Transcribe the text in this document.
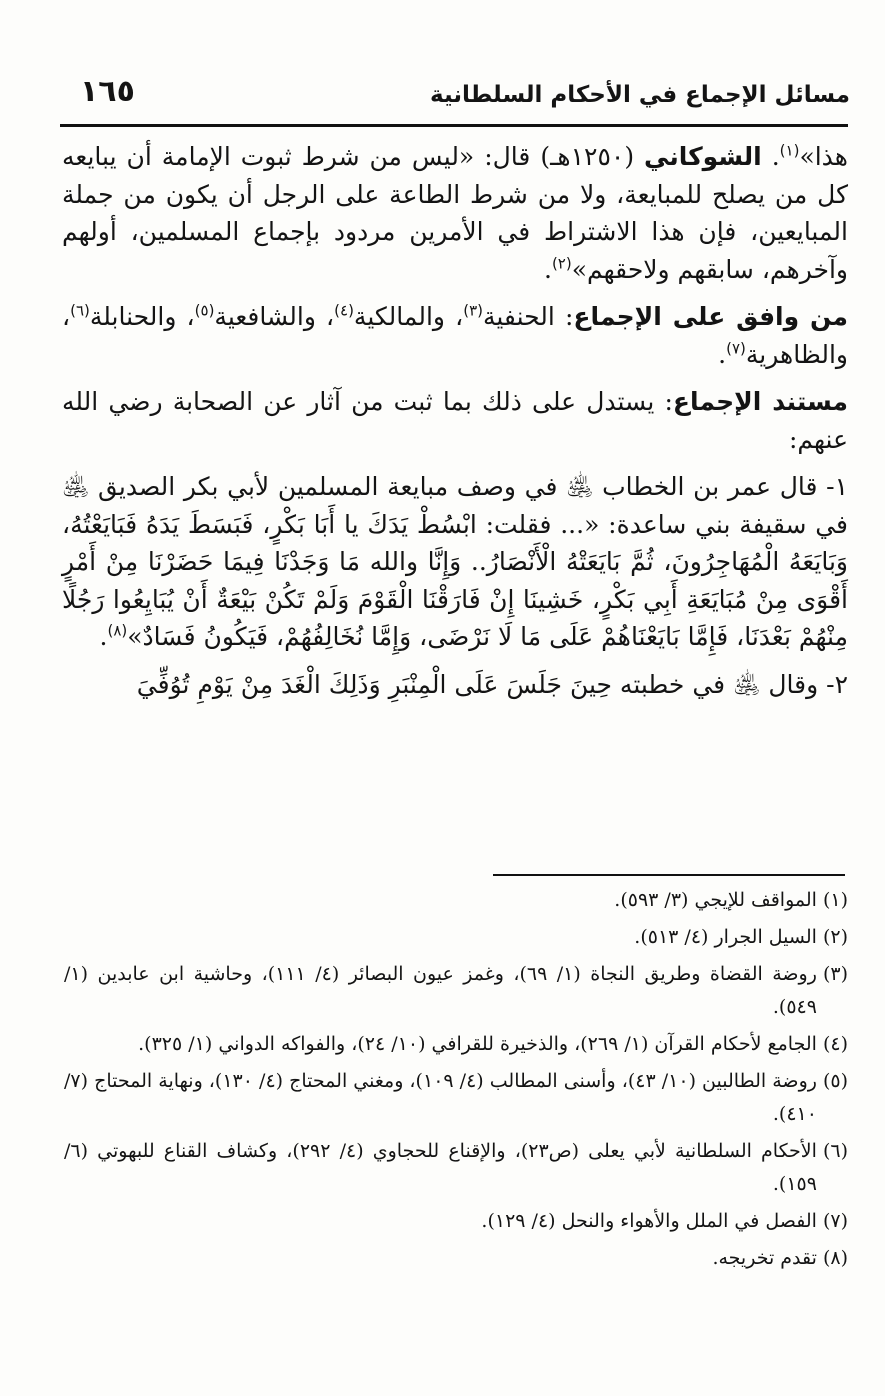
١٦٥	مسائل الإجماع في الأحكام السلطانية

هذا»$^{(١)}$. الشوكاني (١٢٥٠هـ) قال: «ليس من شرط ثبوت الإمامة أن يبايعه كل من يصلح للمبايعة، ولا من شرط الطاعة على الرجل أن يكون من جملة المبايعين، فإن هذا الاشتراط في الأمرين مردود بإجماع المسلمين، أولهم وآخرهم، سابقهم ولاحقهم»$^{(٢)}$.

من وافق على الإجماع: الحنفية$^{(٣)}$، والمالكية$^{(٤)}$، والشافعية$^{(٥)}$، والحنابلة$^{(٦)}$، والظاهرية$^{(٧)}$.

مستند الإجماع: يستدل على ذلك بما ثبت من آثار عن الصحابة رضي الله عنهم:

١- قال عمر بن الخطاب ﵁ في وصف مبايعة المسلمين لأبي بكر الصديق ﵁ في سقيفة بني ساعدة: «... فقلت: ابْسُطْ يَدَكَ يا أَبَا بَكْرٍ، فَبَسَطَ يَدَهُ فَبَايَعْتُهُ، وَبَايَعَهُ الْمُهَاجِرُونَ، ثُمَّ بَايَعَتْهُ الْأَنْصَارُ.. وَإِنَّا والله مَا وَجَدْنَا فِيمَا حَضَرْنَا مِنْ أَمْرٍ أَقْوَى مِنْ مُبَايَعَةِ أَبِي بَكْرٍ، خَشِينَا إِنْ فَارَقْنَا الْقَوْمَ وَلَمْ تَكُنْ بَيْعَةٌ أَنْ يُبَايِعُوا رَجُلًا مِنْهُمْ بَعْدَنَا، فَإِمَّا بَايَعْنَاهُمْ عَلَى مَا لَا نَرْضَى، وَإِمَّا نُخَالِفُهُمْ، فَيَكُونُ فَسَادٌ»$^{(٨)}$.

٢- وقال ﵁ في خطبته حِينَ جَلَسَ عَلَى الْمِنْبَرِ وَذَلِكَ الْغَدَ مِنْ يَوْمِ تُوُفِّيَ

(١)
المواقف للإيجي (٣/ ٥٩٣).
(٢)
السيل الجرار (٤/ ٥١٣).
(٣)
روضة القضاة وطريق النجاة (١/ ٦٩)، وغمز عيون البصائر (٤/ ١١١)، وحاشية ابن عابدين (١/ ٥٤٩).
(٤)
الجامع لأحكام القرآن (١/ ٢٦٩)، والذخيرة للقرافي (١٠/ ٢٤)، والفواكه الدواني (١/ ٣٢٥).
(٥)
روضة الطالبين (١٠/ ٤٣)، وأسنى المطالب (٤/ ١٠٩)، ومغني المحتاج (٤/ ١٣٠)، ونهاية المحتاج (٧/ ٤١٠).
(٦)
الأحكام السلطانية لأبي يعلى (ص٢٣)، والإقناع للحجاوي (٤/ ٢٩٢)، وكشاف القناع للبهوتي (٦/ ١٥٩).
(٧)
الفصل في الملل والأهواء والنحل (٤/ ١٢٩).
(٨)
تقدم تخريجه.
